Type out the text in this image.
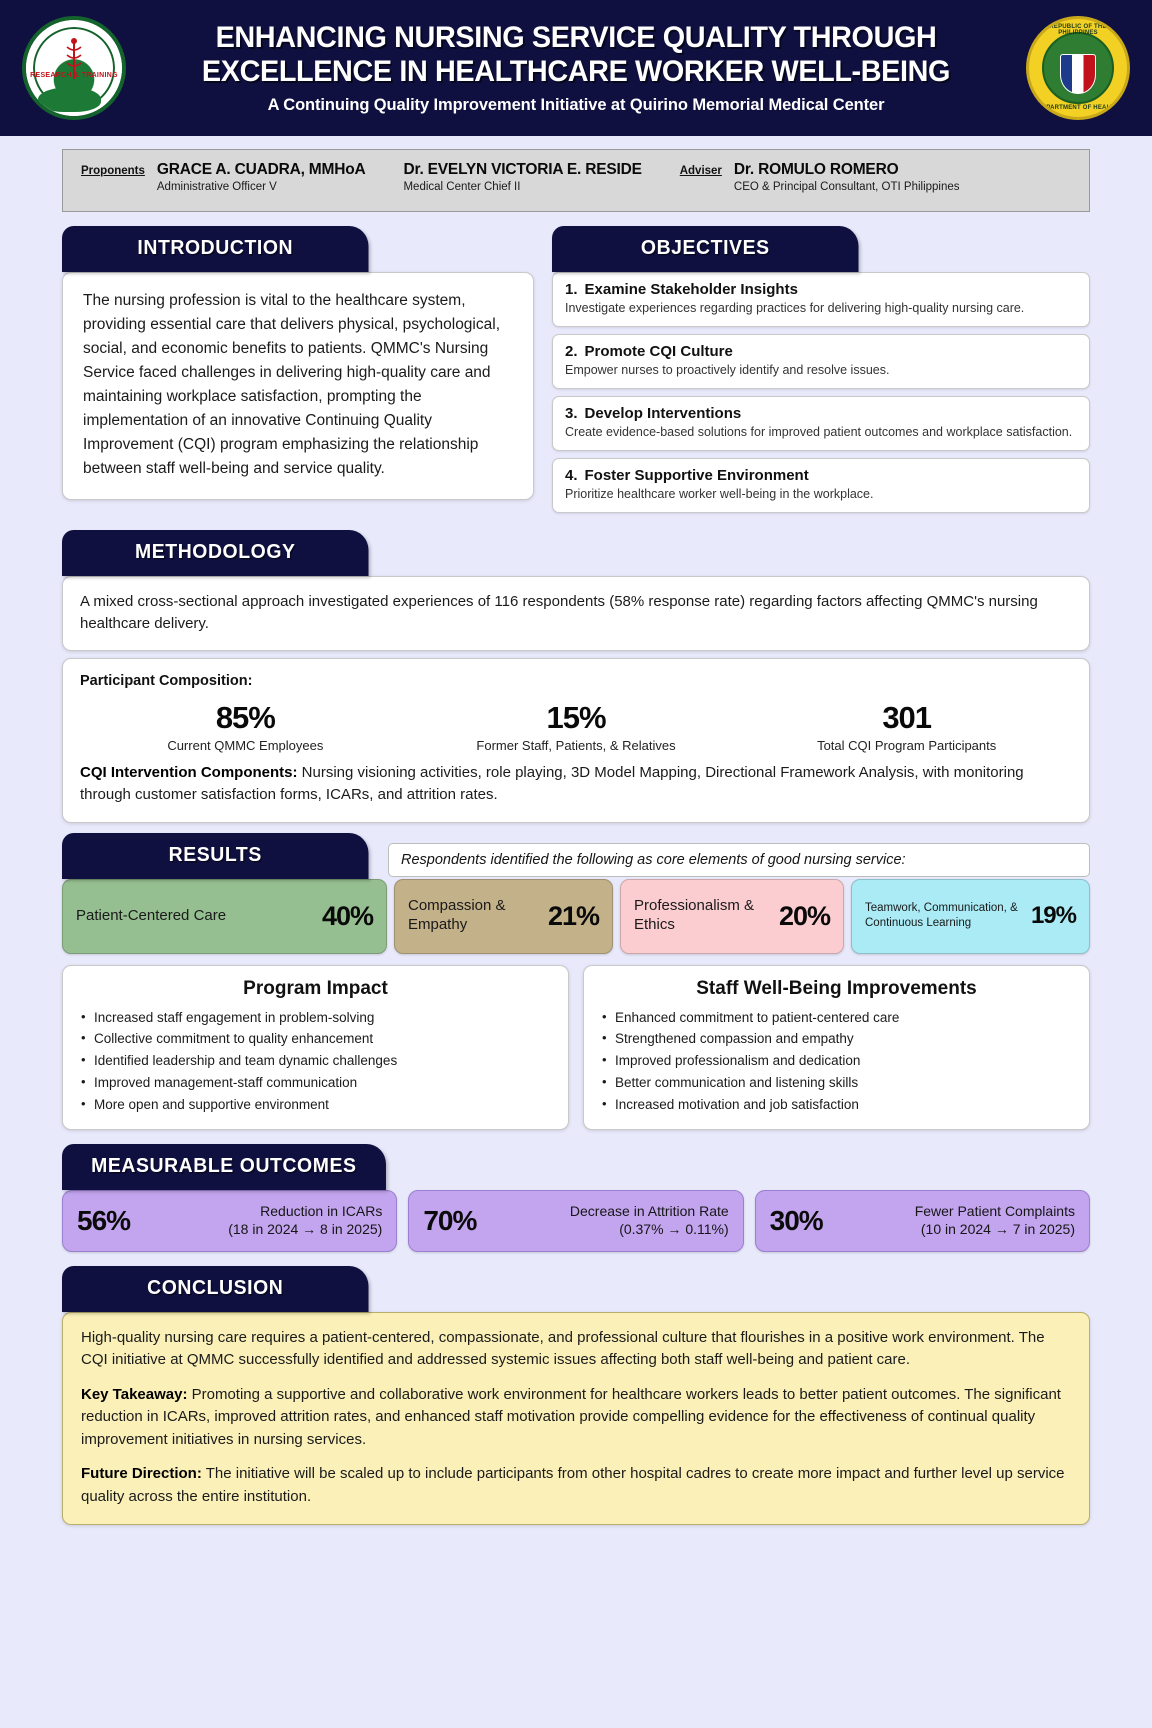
RESEARCH & TRAINING
ENHANCING NURSING SERVICE QUALITY THROUGH
EXCELLENCE IN HEALTHCARE WORKER WELL-BEING
A Continuing Quality Improvement Initiative at Quirino Memorial Medical Center
REPUBLIC OF THE PHILIPPINES
DEPARTMENT OF HEALTH
Proponents GRACE A. CUADRA, MMHoA
Administrative Officer V
Dr. EVELYN VICTORIA E. RESIDE
Medical Center Chief II
Adviser Dr. ROMULO ROMERO
CEO & Principal Consultant, OTI Philippines
INTRODUCTION
The nursing profession is vital to the healthcare system, providing essential care that delivers physical, psychological, social, and economic benefits to patients. QMMC's Nursing Service faced challenges in delivering high-quality care and maintaining workplace satisfaction, prompting the implementation of an innovative Continuing Quality Improvement (CQI) program emphasizing the relationship between staff well-being and service quality.
OBJECTIVES
1. Examine Stakeholder Insights
Investigate experiences regarding practices for delivering high-quality nursing care.
2. Promote CQI Culture
Empower nurses to proactively identify and resolve issues.
3. Develop Interventions
Create evidence-based solutions for improved patient outcomes and workplace satisfaction.
4. Foster Supportive Environment
Prioritize healthcare worker well-being in the workplace.
METHODOLOGY
A mixed cross-sectional approach investigated experiences of 116 respondents (58% response rate) regarding factors affecting QMMC's nursing healthcare delivery.
Participant Composition:
85%
Current QMMC Employees
15%
Former Staff, Patients, & Relatives
301
Total CQI Program Participants
CQI Intervention Components: Nursing visioning activities, role playing, 3D Model Mapping, Directional Framework Analysis, with monitoring through customer satisfaction forms, ICARs, and attrition rates.
RESULTS	Respondents identified the following as core elements of good nursing service:
Patient-Centered Care	40% Compassion & Empathy	21% Professionalism & Ethics	20%	Teamwork, Communication, & Continuous Learning	19%
Program Impact
• Increased staff engagement in problem-solving
• Collective commitment to quality enhancement
• Identified leadership and team dynamic challenges
• Improved management-staff communication
• More open and supportive environment
Staff Well-Being Improvements
• Enhanced commitment to patient-centered care
• Strengthened compassion and empathy
• Improved professionalism and dedication
• Better communication and listening skills
• Increased motivation and job satisfaction
MEASURABLE OUTCOMES
56%	Reduction in ICARs
(18 in 2024 → 8 in 2025) 70%	Decrease in Attrition Rate
(0.37% → 0.11%) 30%	Fewer Patient Complaints
(10 in 2024 → 7 in 2025)
CONCLUSION
High-quality nursing care requires a patient-centered, compassionate, and professional culture that flourishes in a positive work environment. The CQI initiative at QMMC successfully identified and addressed systemic issues affecting both staff well-being and patient care.
Key Takeaway: Promoting a supportive and collaborative work environment for healthcare workers leads to better patient outcomes. The significant reduction in ICARs, improved attrition rates, and enhanced staff motivation provide compelling evidence for the effectiveness of continual quality improvement initiatives in nursing services.
Future Direction: The initiative will be scaled up to include participants from other hospital cadres to create more impact and further level up service quality across the entire institution.
